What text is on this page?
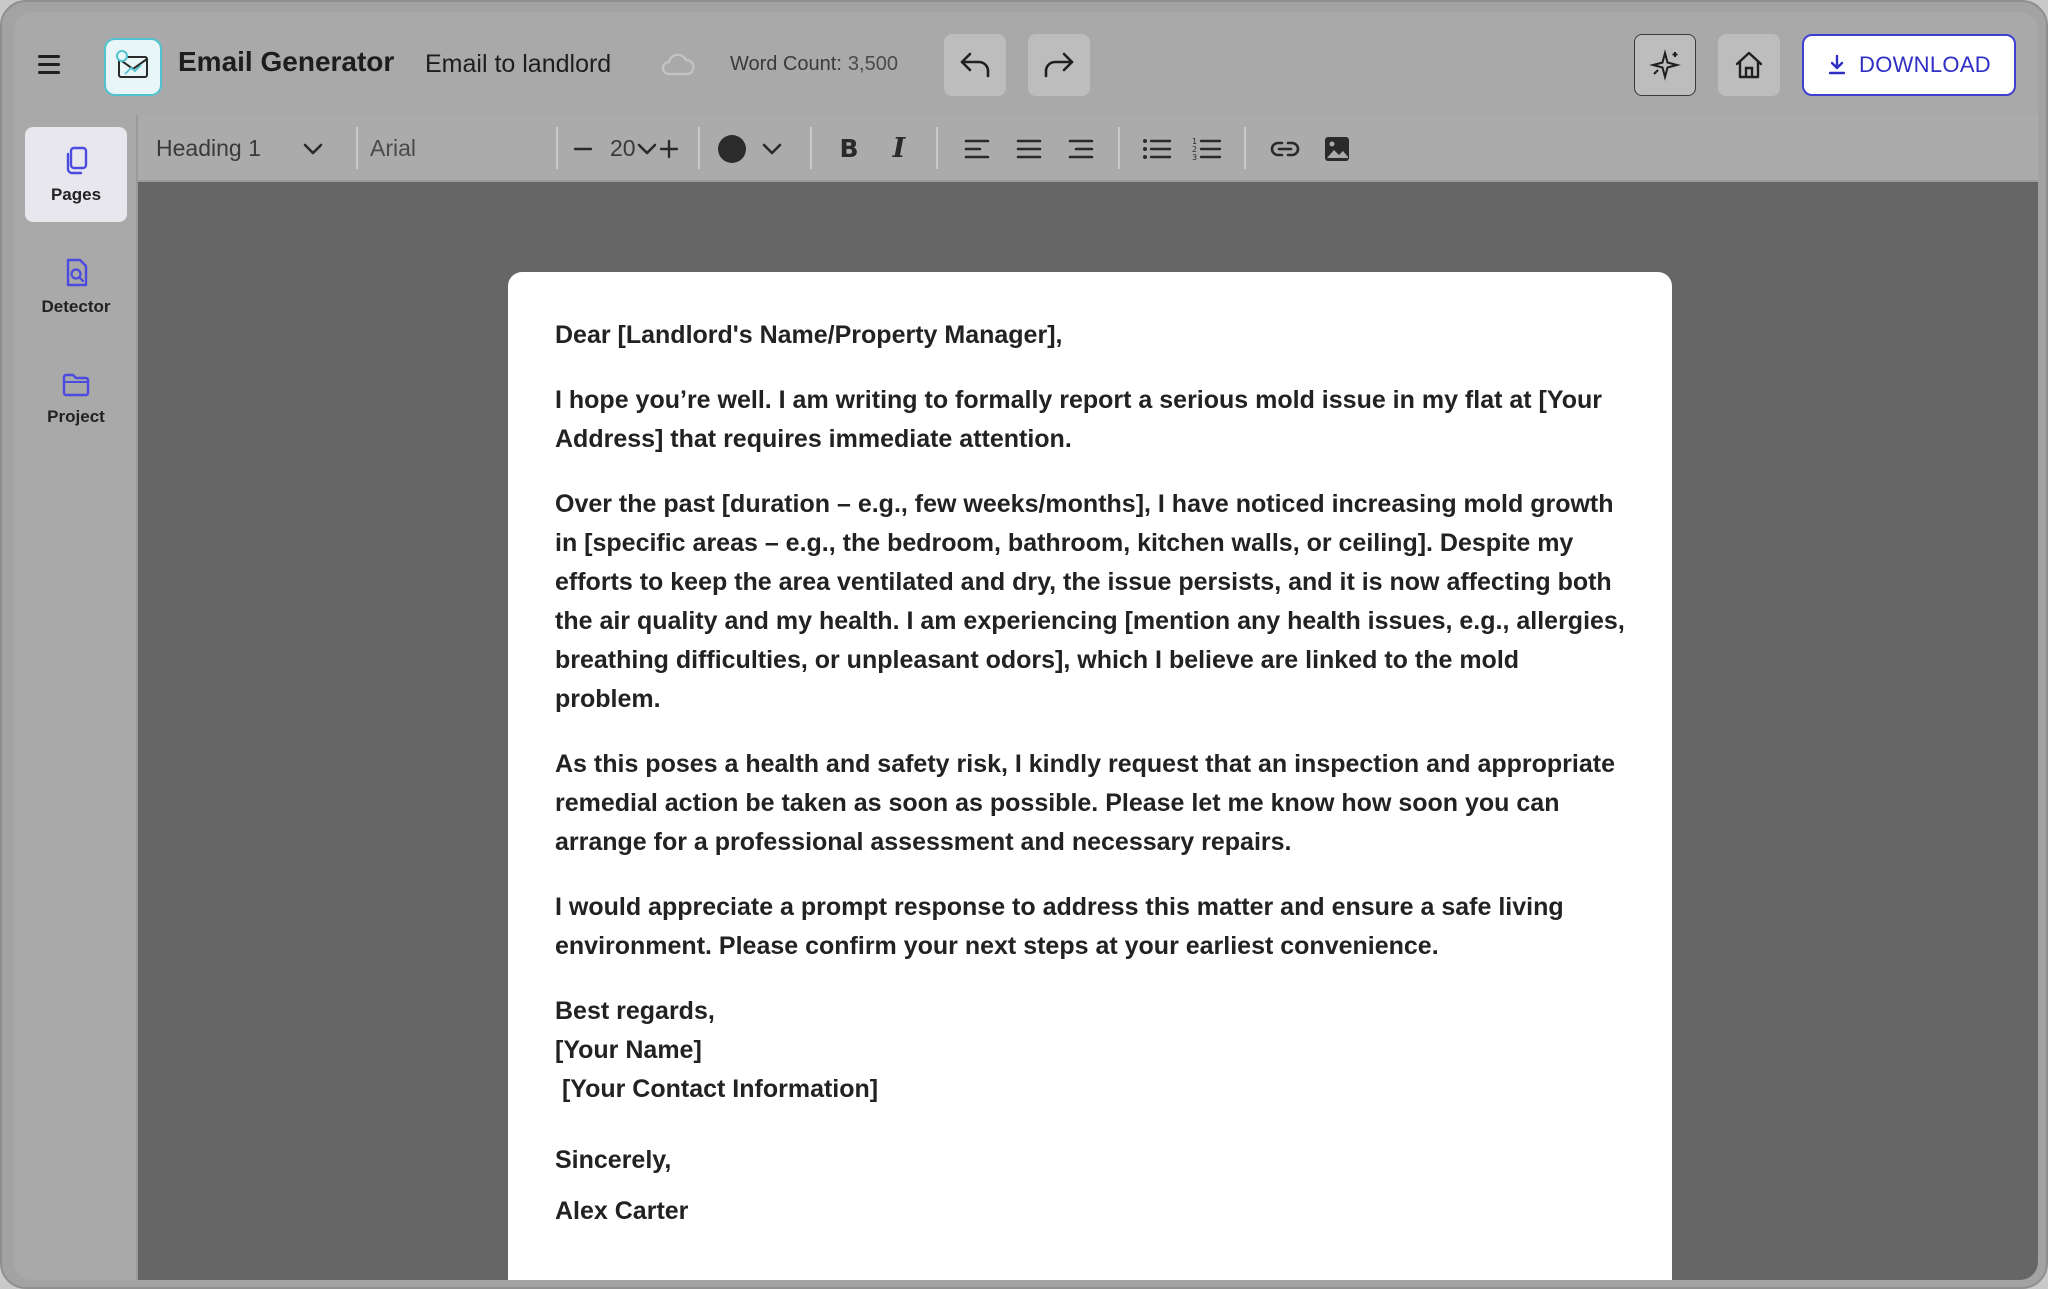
Email Generator Email to landlord	Word Count: 3,500	DOWNLOAD
Pages
Detector
Project
Heading 1	Arial	20	B I	1
2
3

Dear [Landlord's Name/Property Manager],

I hope you’re well. I am writing to formally report a serious mold issue in my flat at [Your Address] that requires immediate attention.

Over the past [duration – e.g., few weeks/months], I have noticed increasing mold growth in [specific areas – e.g., the bedroom, bathroom, kitchen walls, or ceiling]. Despite my efforts to keep the area ventilated and dry, the issue persists, and it is now affecting both the air quality and my health. I am experiencing [mention any health issues, e.g., allergies, breathing difficulties, or unpleasant odors], which I believe are linked to the mold problem.

As this poses a health and safety risk, I kindly request that an inspection and appropriate remedial action be taken as soon as possible. Please let me know how soon you can arrange for a professional assessment and necessary repairs.

I would appreciate a prompt response to address this matter and ensure a safe living environment. Please confirm your next steps at your earliest convenience.

Best regards,

[Your Name]

[Your Contact Information]

Sincerely,

Alex Carter
